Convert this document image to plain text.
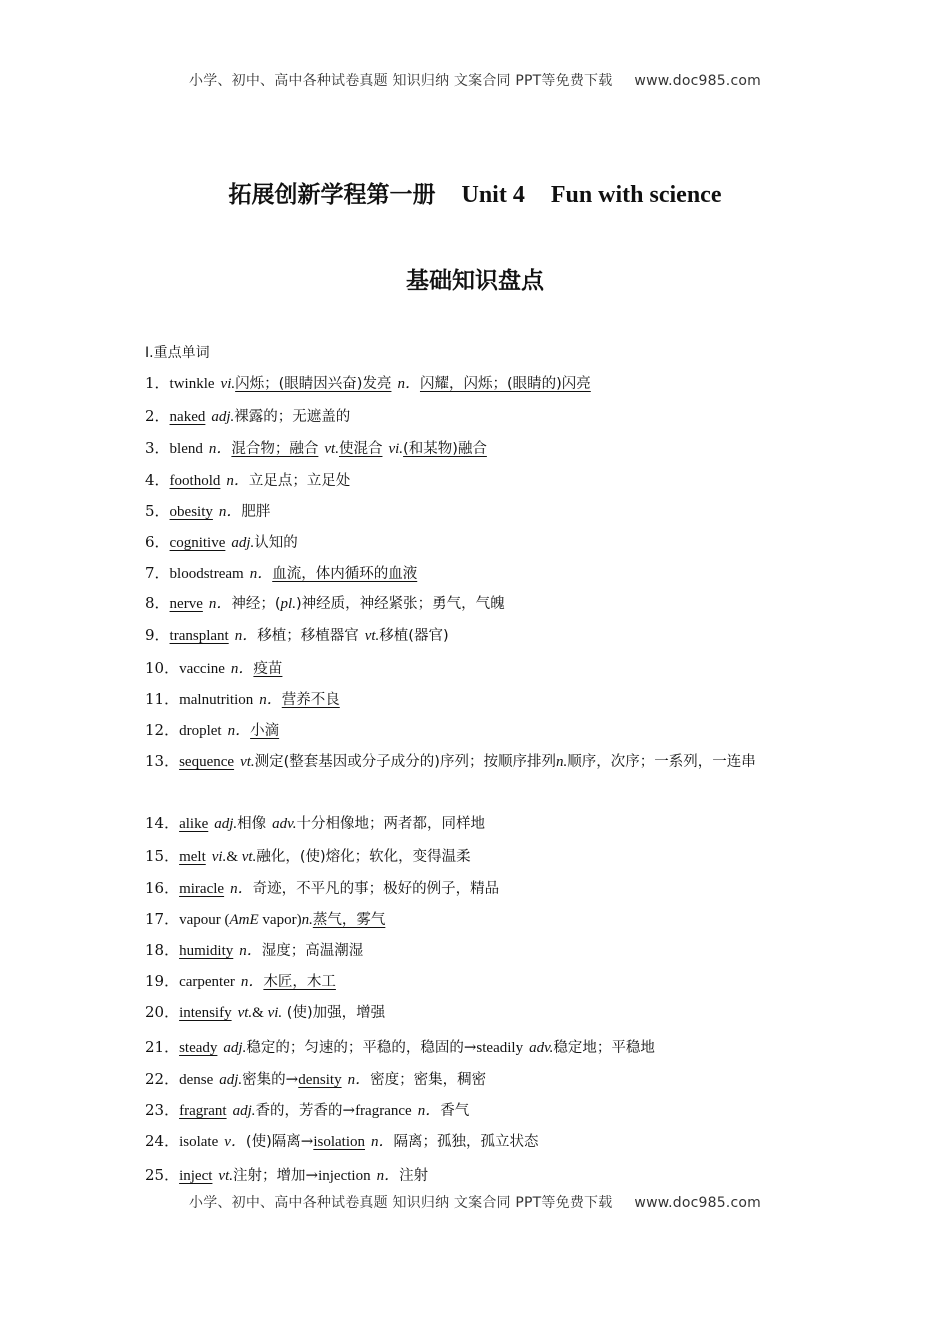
小学、初中、高中各种试卷真题 知识归纳 文案合同 PPT等免费下载 www.doc985.com
拓展创新学程第一册 Unit 4 Fun with science
基础知识盘点
Ⅰ.重点单词
1．twinkle vi.闪烁；(眼睛因兴奋)发亮 n．闪耀，闪烁；(眼睛的)闪亮
2．naked adj.裸露的；无遮盖的
3．blend n．混合物；融合 vt.使混合 vi.(和某物)融合
4．foothold n．立足点；立足处
5．obesity n．肥胖
6．cognitive adj.认知的
7．bloodstream n．血流，体内循环的血液
8．nerve n．神经；(pl.)神经质，神经紧张；勇气，气魄
9．transplant n．移植；移植器官 vt.移植(器官)
10．vaccine n．疫苗
11．malnutrition n．营养不良
12．droplet n．小滴
13．sequence vt.测定(整套基因或分子成分的)序列；按顺序排列n.顺序，次序；一系列，一连串
14．alike adj.相像 adv.十分相像地；两者都，同样地
15．melt vi.& vt.融化，(使)熔化；软化，变得温柔
16．miracle n．奇迹，不平凡的事；极好的例子，精品
17．vapour (AmE vapor)n.蒸气，雾气
18．humidity n．湿度；高温潮湿
19．carpenter n．木匠，木工
20．intensify vt.& vi. (使)加强，增强
21．steady adj.稳定的；匀速的；平稳的，稳固的→steadily adv.稳定地；平稳地
22．dense adj.密集的→density n．密度；密集，稠密
23．fragrant adj.香的，芳香的→fragrance n．香气
24．isolate v．(使)隔离→isolation n．隔离；孤独，孤立状态
25．inject vt.注射；增加→injection n．注射
小学、初中、高中各种试卷真题 知识归纳 文案合同 PPT等免费下载 www.doc985.com
